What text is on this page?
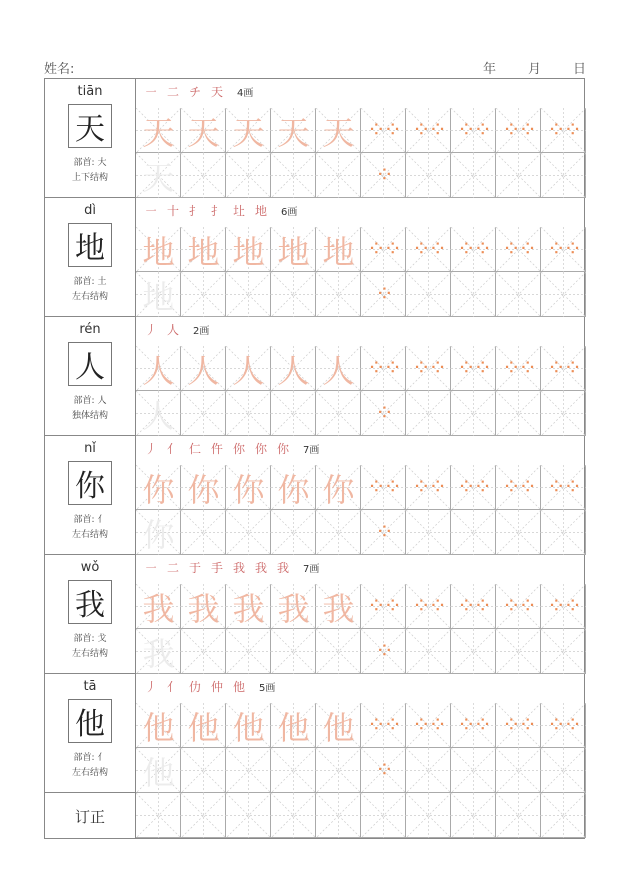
姓名:	年 月 日
tiān
天
部首: 大
上下结构
㇐ 二 チ 天	4画
天 天 天 天 天 ⁘⁘ ⁘⁘ ⁘⁘ ⁘⁘ ⁘⁘
天	⁘
dì
地
部首: 土
左右结构
㇐ 十 扌 扌 圵 地	6画
地 地 地 地 地 ⁘⁘ ⁘⁘ ⁘⁘ ⁘⁘ ⁘⁘
地	⁘
rén
人
部首: 人
独体结构
丿 人	2画
人 人 人 人 人 ⁘⁘ ⁘⁘ ⁘⁘ ⁘⁘ ⁘⁘
人	⁘
nǐ
你
部首: 亻
左右结构
丿 亻 仁 仵 你 你 你	7画
你 你 你 你 你 ⁘⁘ ⁘⁘ ⁘⁘ ⁘⁘ ⁘⁘
你	⁘
wǒ
我
部首: 戈
左右结构
㇐ 二 于 手 我 我 我	7画
我 我 我 我 我 ⁘⁘ ⁘⁘ ⁘⁘ ⁘⁘ ⁘⁘
我	⁘
tā
他
部首: 亻
左右结构
丿 亻 仂 仲 他	5画
他 他 他 他 他 ⁘⁘ ⁘⁘ ⁘⁘ ⁘⁘ ⁘⁘
他	⁘
订正
